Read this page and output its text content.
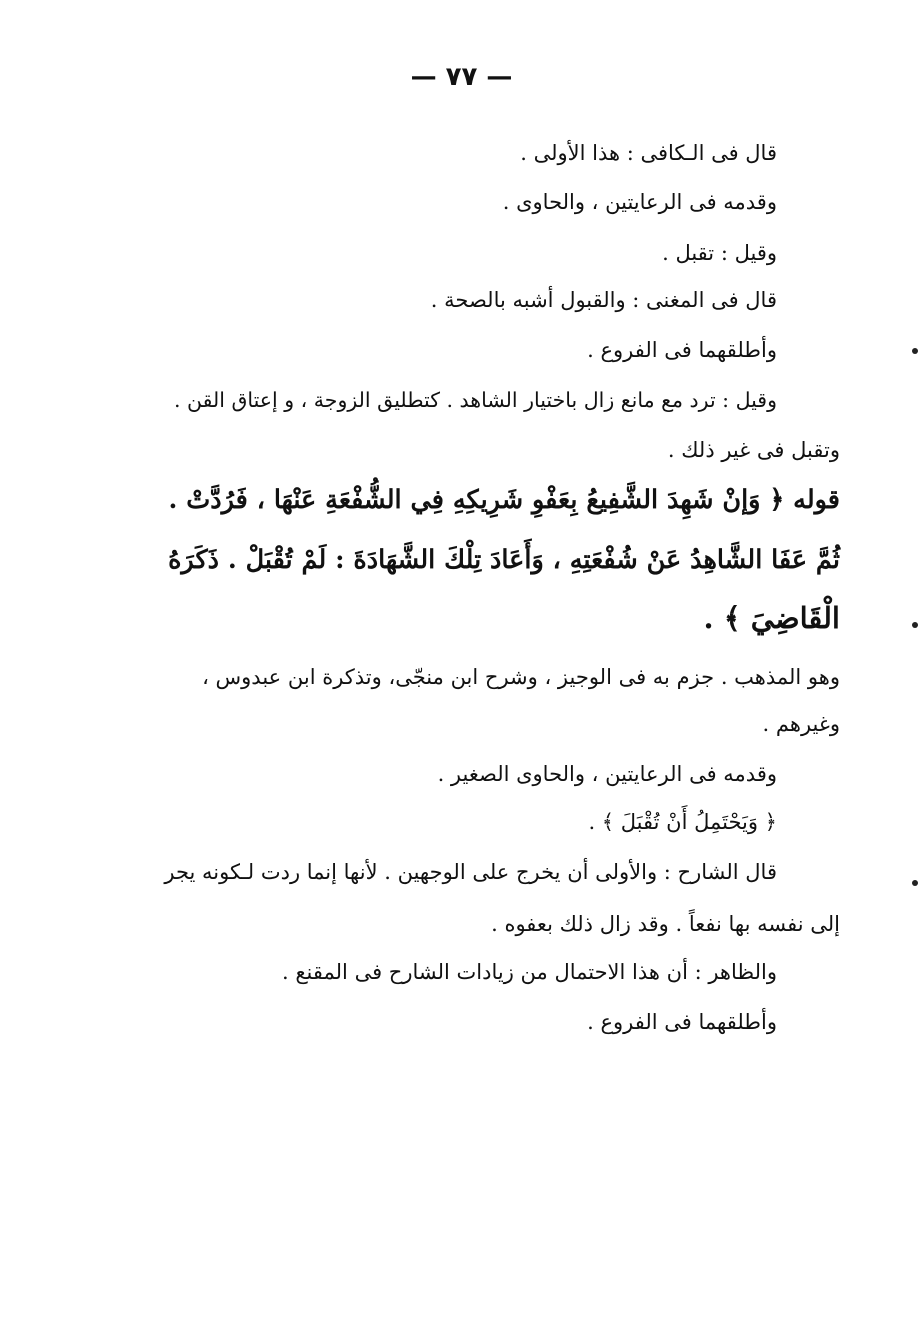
— ٧٧ —
قال فى الـكافى : هذا الأولى .
وقدمه فى الرعايتين ، والحاوى .
وقيل : تقبل .
قال فى المغنى : والقبول أشبه بالصحة .
وأطلقهما فى الفروع .
وقيل : ترد مع مانع زال باختيار الشاهد . كتطليق الزوجة ، و إعتاق القن .
وتقبل فى غير ذلك .
قوله ﴿ وَإنْ شَهِدَ الشَّفِيعُ بِعَفْوِ شَرِيكِهِ فِي الشُّفْعَةِ عَنْهَا ، فَرُدَّتْ .
ثُمَّ عَفَا الشَّاهِدُ عَنْ شُفْعَتِهِ ، وَأَعَادَ تِلْكَ الشَّهَادَةَ : لَمْ تُقْبَلْ . ذَكَرَهُ
الْقَاضِيَ ﴾ .
وهو المذهب . جزم به فى الوجيز ، وشرح ابن منجّى، وتذكرة ابن عبدوس ،
وغيرهم .
وقدمه فى الرعايتين ، والحاوى الصغير .
﴿ وَيَحْتَمِلُ أَنْ تُقْبَلَ ﴾ .
قال الشارح : والأولى أن يخرج على الوجهين . لأنها إنما ردت لـكونه يجر
إلى نفسه بها نفعاً . وقد زال ذلك بعفوه .
والظاهر : أن هذا الاحتمال من زيادات الشارح فى المقنع .
وأطلقهما فى الفروع .
